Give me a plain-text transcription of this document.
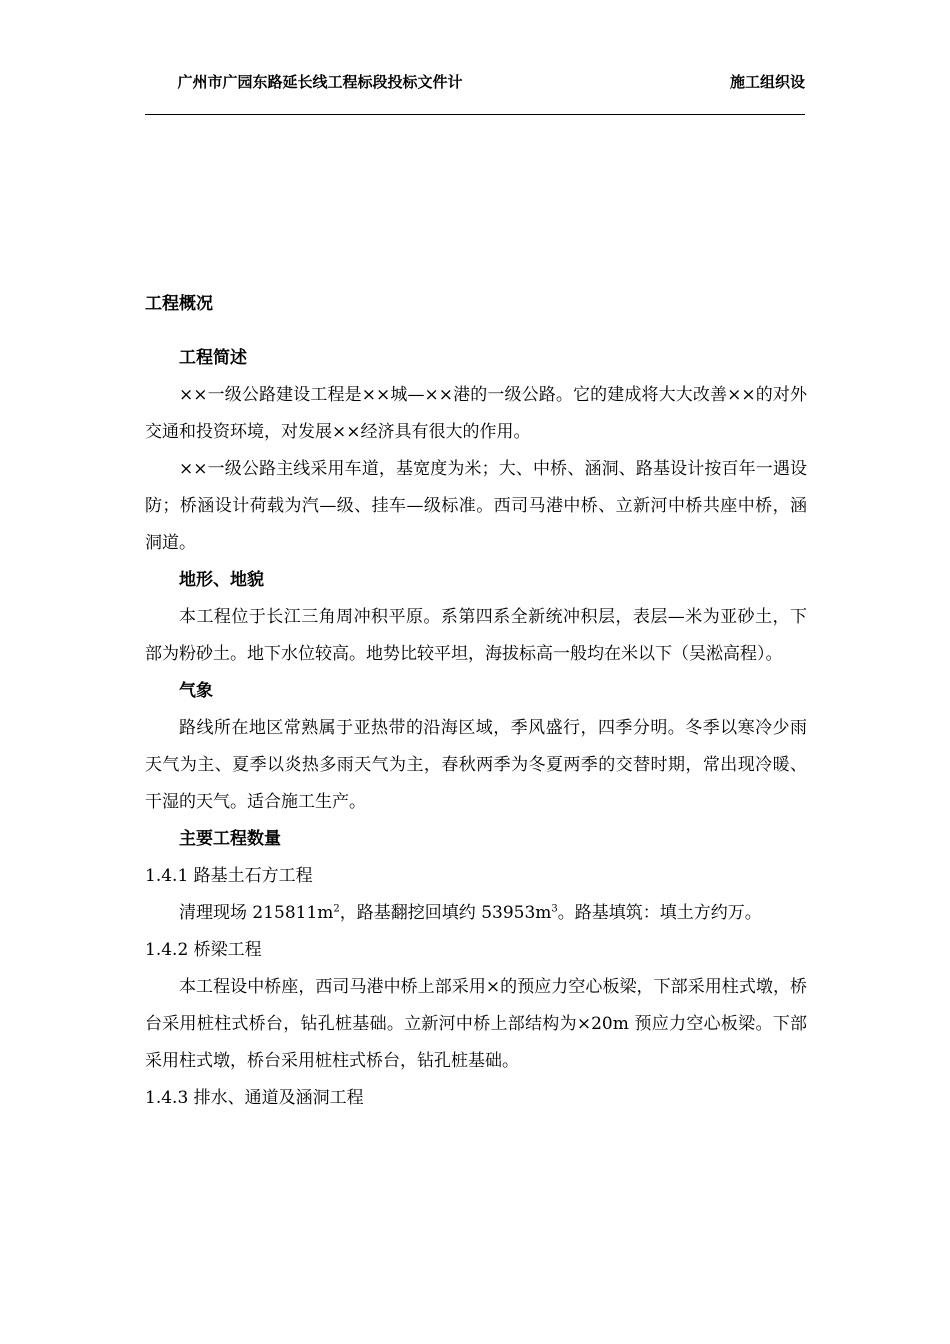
广州市广园东路延长线工程标段投标文件计	施工组织设

工程概况

工程简述

××一级公路建设工程是××城—××港的一级公路。它的建成将大大改善××的对外交通和投资环境，对发展××经济具有很大的作用。

××一级公路主线采用车道，基宽度为米；大、中桥、涵洞、路基设计按百年一遇设防；桥涵设计荷载为汽—级、挂车—级标准。西司马港中桥、立新河中桥共座中桥，涵洞道。

地形、地貌

本工程位于长江三角周冲积平原。系第四系全新统冲积层，表层—米为亚砂土，下部为粉砂土。地下水位较高。地势比较平坦，海拔标高一般均在米以下（吴淞高程）。

气象

路线所在地区常熟属于亚热带的沿海区域，季风盛行，四季分明。冬季以寒冷少雨天气为主、夏季以炎热多雨天气为主，春秋两季为冬夏两季的交替时期，常出现冷暖、干湿的天气。适合施工生产。

主要工程数量

1.4.1 路基土石方工程

清理现场 $215811m^2$，路基翻挖回填约 $53953m^3$。路基填筑：填土方约万。

1.4.2 桥梁工程

本工程设中桥座，西司马港中桥上部采用×的预应力空心板梁，下部采用柱式墩，桥台采用桩柱式桥台，钻孔桩基础。立新河中桥上部结构为×20m 预应力空心板梁。下部采用柱式墩，桥台采用桩柱式桥台，钻孔桩基础。

1.4.3 排水、通道及涵洞工程
